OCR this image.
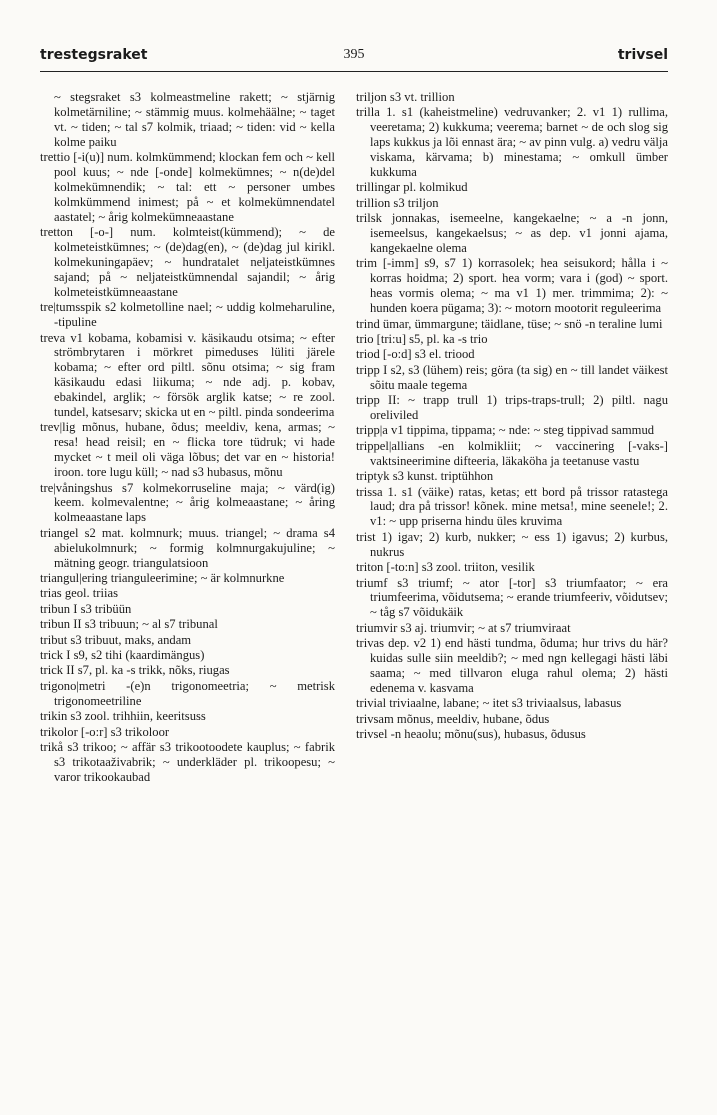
395
trestegsraket	trivsel

~ stegsraket s3 kolmeastmeline rakett; ~ stjärnig kolmetärniline; ~ stämmig muus. kolmehäälne; ~ taget vt. ~ tiden; ~ tal s7 kolmik, triaad; ~ tiden: vid ~ kella kolme paiku

trettio [-i(u)] num. kolmkümmend; klockan fem och ~ kell pool kuus; ~ nde [-onde] kolmekümnes; ~ n(de)del kolmekümnendik; ~ tal: ett ~ personer umbes kolmkümmend inimest; på ~ et kolmekümnendatel aastatel; ~ årig kolmekümneaastane

tretton [-o-] num. kolmteist(kümmend); ~ de kolmeteistkümnes; ~ (de)dag(en), ~ (de)dag jul kirikl. kolmekuningapäev; ~ hundratalet neljateistkümnes sajand; på ~ neljateistkümnendal sajandil; ~ årig kolmeteistkümneaastane

tre|tumsspik s2 kolmetolline nael; ~ uddig kolmeharuline, -tipuline

treva v1 kobama, kobamisi v. käsikaudu otsima; ~ efter strömbrytaren i mörkret pimeduses lüliti järele kobama; ~ efter ord piltl. sõnu otsima; ~ sig fram käsikaudu edasi liikuma; ~ nde adj. p. kobav, ebakindel, arglik; ~ försök arglik katse; ~ re zool. tundel, katsesarv; skicka ut en ~ piltl. pinda sondeerima

trev|lig mõnus, hubane, õdus; meeldiv, kena, armas; ~ resa! head reisil; en ~ flicka tore tüdruk; vi hade mycket ~ t meil oli väga lõbus; det var en ~ historia! iroon. tore lugu küll; ~ nad s3 hubasus, mõnu

tre|våningshus s7 kolmekorruseline maja; ~ värd(ig) keem. kolmevalentne; ~ årig kolmeaastane; ~ åring kolmeaastane laps

triangel s2 mat. kolmnurk; muus. triangel; ~ drama s4 abielukolmnurk; ~ formig kolmnurgakujuline; ~ mätning geogr. triangulatsioon

triangul|ering trianguleerimine; ~ är kolmnurkne

trias geol. triias

tribun I s3 tribüün

tribun II s3 tribuun; ~ al s7 tribunal

tribut s3 tribuut, maks, andam

trick I s9, s2 tihi (kaardimängus)

trick II s7, pl. ka -s trikk, nõks, riugas

trigono|metri -(e)n trigonomeetria; ~ metrisk trigonomeetriline

trikin s3 zool. trihhiin, keeritsuss

trikolor [-o:r] s3 trikoloor

trikå s3 trikoo; ~ affär s3 trikootoodete kauplus; ~ fabrik s3 trikotaaživabrik; ~ underkläder pl. trikoopesu; ~ varor trikookaubad

triljon s3 vt. trillion

trilla 1. s1 (kaheistmeline) vedruvanker; 2. v1 1) rullima, veeretama; 2) kukkuma; veerema; barnet ~ de och slog sig laps kukkus ja lõi ennast ära; ~ av pinn vulg. a) vedru välja viskama, kärvama; b) minestama; ~ omkull ümber kukkuma

trillingar pl. kolmikud

trillion s3 triljon

trilsk jonnakas, isemeelne, kangekaelne; ~ a -n jonn, isemeelsus, kangekaelsus; ~ as dep. v1 jonni ajama, kangekaelne olema

trim [-imm] s9, s7 1) korrasolek; hea seisukord; hålla i ~ korras hoidma; 2) sport. hea vorm; vara i (god) ~ sport. heas vormis olema; ~ ma v1 1) mer. trimmima; 2): ~ hunden koera pügama; 3): ~ motorn mootorit reguleerima

trind ümar, ümmargune; täidlane, tüse; ~ snö -n teraline lumi

trio [tri:u] s5, pl. ka -s trio

triod [-o:d] s3 el. triood

tripp I s2, s3 (lühem) reis; göra (ta sig) en ~ till landet väikest sõitu maale tegema

tripp II: ~ trapp trull 1) trips-traps-trull; 2) piltl. nagu oreliviled

tripp|a v1 tippima, tippama; ~ nde: ~ steg tippivad sammud

trippel|allians -en kolmikliit; ~ vaccinering [-vaks-] vaktsineerimine difteeria, läkaköha ja teetanuse vastu

triptyk s3 kunst. triptühhon

trissa 1. s1 (väike) ratas, ketas; ett bord på trissor ratastega laud; dra på trissor! kõnek. mine metsa!, mine seenele!; 2. v1: ~ upp priserna hindu üles kruvima

trist 1) igav; 2) kurb, nukker; ~ ess 1) igavus; 2) kurbus, nukrus

triton [-to:n] s3 zool. triiton, vesilik

triumf s3 triumf; ~ ator [-tor] s3 triumfaator; ~ era triumfeerima, võidutsema; ~ erande triumfeeriv, võidutsev; ~ tåg s7 võidukäik

triumvir s3 aj. triumvir; ~ at s7 triumviraat

trivas dep. v2 1) end hästi tundma, õduma; hur trivs du här? kuidas sulle siin meeldib?; ~ med ngn kellegagi hästi läbi saama; ~ med tillvaron eluga rahul olema; 2) hästi edenema v. kasvama

trivial triviaalne, labane; ~ itet s3 triviaalsus, labasus

trivsam mõnus, meeldiv, hubane, õdus

trivsel -n heaolu; mõnu(sus), hubasus, õdusus
